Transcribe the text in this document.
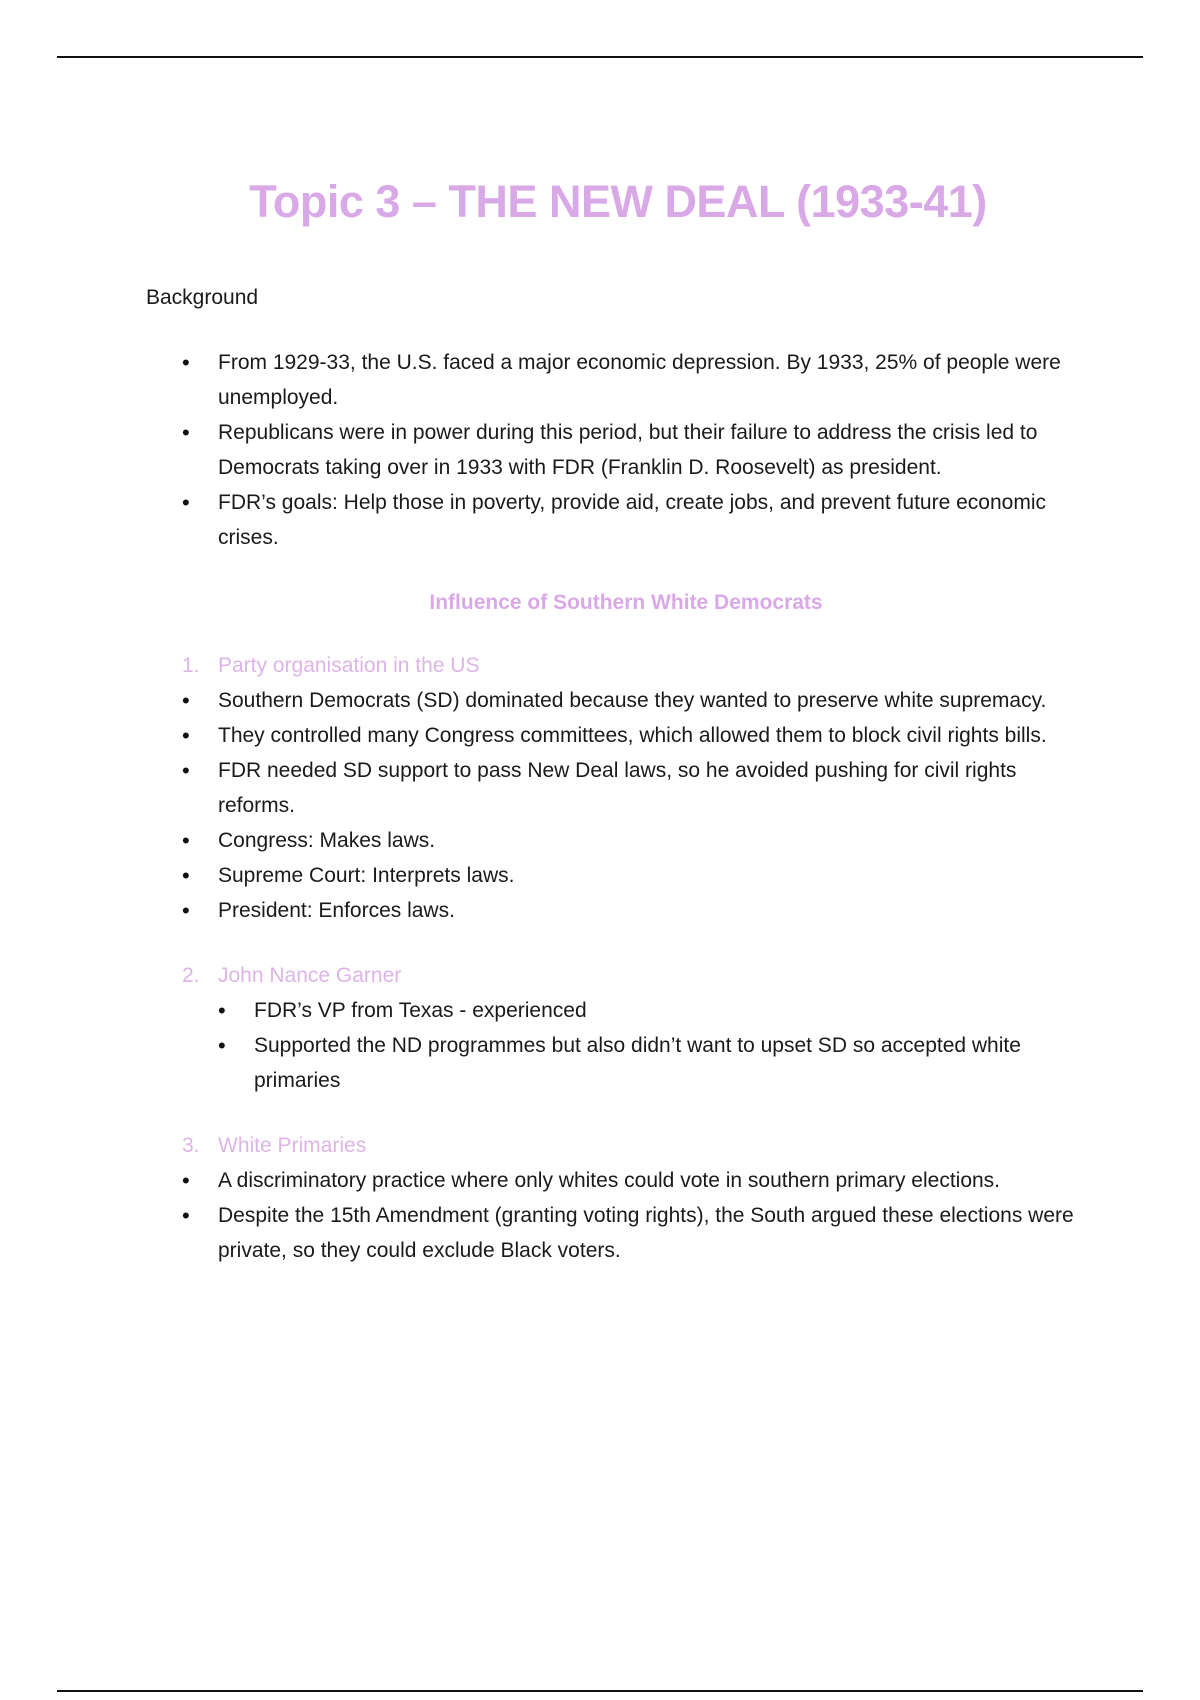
Topic 3 – THE NEW DEAL (1933-41)

Background

• From 1929-33, the U.S. faced a major economic depression. By 1933, 25% of people were unemployed.
• Republicans were in power during this period, but their failure to address the crisis led to Democrats taking over in 1933 with FDR (Franklin D. Roosevelt) as president.
• FDR’s goals: Help those in poverty, provide aid, create jobs, and prevent future economic crises.
Influence of Southern White Democrats

1. Party organisation in the US

• Southern Democrats (SD) dominated because they wanted to preserve white supremacy.
• They controlled many Congress committees, which allowed them to block civil rights bills.
• FDR needed SD support to pass New Deal laws, so he avoided pushing for civil rights reforms.
• Congress: Makes laws.
• Supreme Court: Interprets laws.
• President: Enforces laws.

2. John Nance Garner

• FDR’s VP from Texas - experienced
• Supported the ND programmes but also didn’t want to upset SD so accepted white primaries

3. White Primaries

• A discriminatory practice where only whites could vote in southern primary elections.
• Despite the 15th Amendment (granting voting rights), the South argued these elections were private, so they could exclude Black voters.
